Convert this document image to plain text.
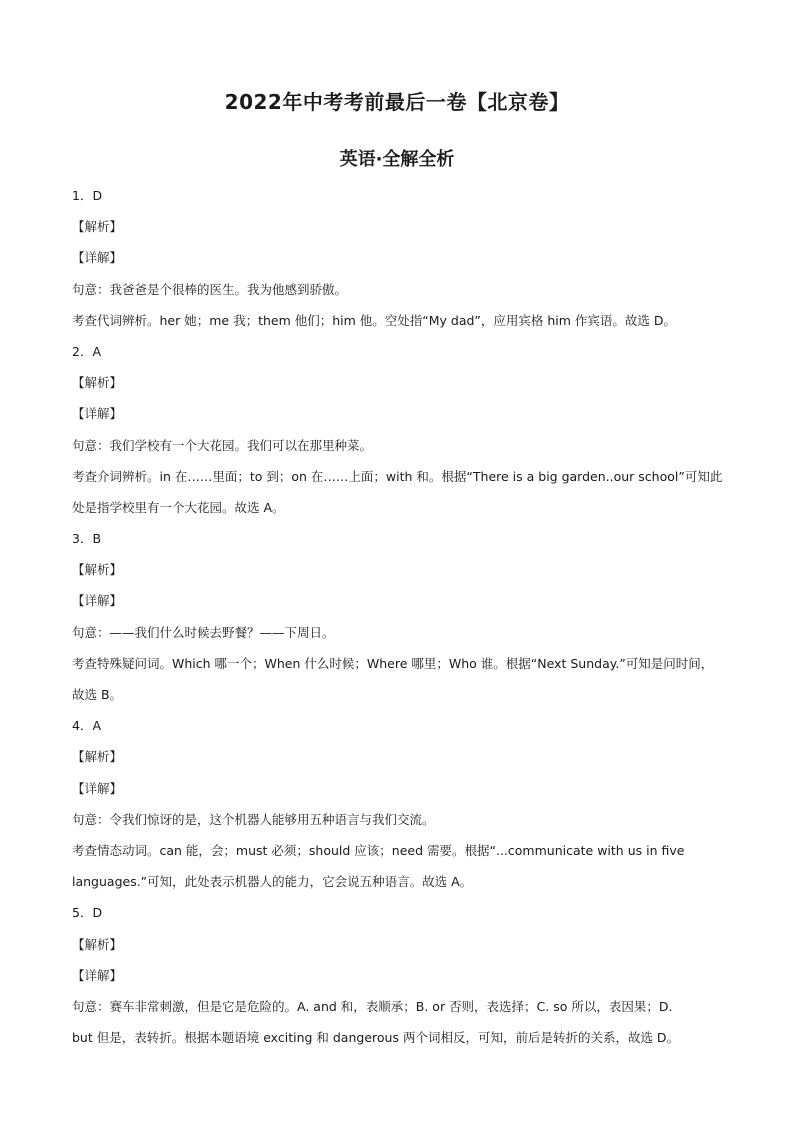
2022年中考考前最后一卷【北京卷】
英语·全解全析

1．D

【解析】

【详解】

句意：我爸爸是个很棒的医生。我为他感到骄傲。

考查代词辨析。her 她；me 我；them 他们；him 他。空处指“My dad”，应用宾格 him 作宾语。故选 D。

2．A

【解析】

【详解】

句意：我们学校有一个大花园。我们可以在那里种菜。

考查介词辨析。in 在……里面；to 到；on 在……上面；with 和。根据“There is a big garden..our school”可知此

处是指学校里有一个大花园。故选 A。

3．B

【解析】

【详解】

句意：——我们什么时候去野餐？——下周日。

考查特殊疑问词。Which 哪一个；When 什么时候；Where 哪里；Who 谁。根据“Next Sunday.”可知是问时间，

故选 B。

4．A

【解析】

【详解】

句意：令我们惊讶的是，这个机器人能够用五种语言与我们交流。

考查情态动词。can 能，会；must 必须；should 应该；need 需要。根据“...communicate with us in five

languages.”可知，此处表示机器人的能力，它会说五种语言。故选 A。

5．D

【解析】

【详解】

句意：赛车非常刺激，但是它是危险的。A. and 和，表顺承；B. or 否则，表选择；C. so 所以，表因果；D.

but 但是，表转折。根据本题语境 exciting 和 dangerous 两个词相反，可知，前后是转折的关系，故选 D。
